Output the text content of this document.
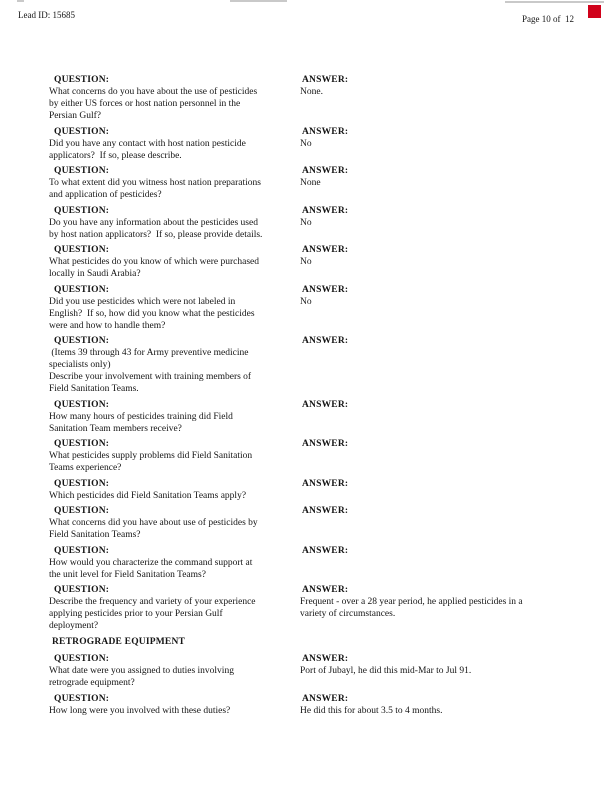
Lead ID: 15685	Page 10 of  12
QUESTION:
What concerns do you have about the use of pesticides
by either US forces or host nation personnel in the
Persian Gulf?
ANSWER:
None.
QUESTION:
Did you have any contact with host nation pesticide
applicators?  If so, please describe.
ANSWER:
No
QUESTION:
To what extent did you witness host nation preparations
and application of pesticides?
ANSWER:
None
QUESTION:
Do you have any information about the pesticides used
by host nation applicators?  If so, please provide details.
ANSWER:
No
QUESTION:
What pesticides do you know of which were purchased
locally in Saudi Arabia?
ANSWER:
No
QUESTION:
Did you use pesticides which were not labeled in
English?  If so, how did you know what the pesticides
were and how to handle them?
ANSWER:
No
QUESTION:
(Items 39 through 43 for Army preventive medicine
specialists only)
Describe your involvement with training members of
Field Sanitation Teams.
ANSWER:
QUESTION:
How many hours of pesticides training did Field
Sanitation Team members receive?
ANSWER:
QUESTION:
What pesticides supply problems did Field Sanitation
Teams experience?
ANSWER:
QUESTION:
Which pesticides did Field Sanitation Teams apply?
ANSWER:
QUESTION:
What concerns did you have about use of pesticides by
Field Sanitation Teams?
ANSWER:
QUESTION:
How would you characterize the command support at
the unit level for Field Sanitation Teams?
ANSWER:
QUESTION:
Describe the frequency and variety of your experience
applying pesticides prior to your Persian Gulf
deployment?
ANSWER:
Frequent - over a 28 year period, he applied pesticides in a
variety of circumstances.
RETROGRADE EQUIPMENT
QUESTION:
What date were you assigned to duties involving
retrograde equipment?
ANSWER:
Port of Jubayl, he did this mid-Mar to Jul 91.
QUESTION:
How long were you involved with these duties?
ANSWER:
He did this for about 3.5 to 4 months.
